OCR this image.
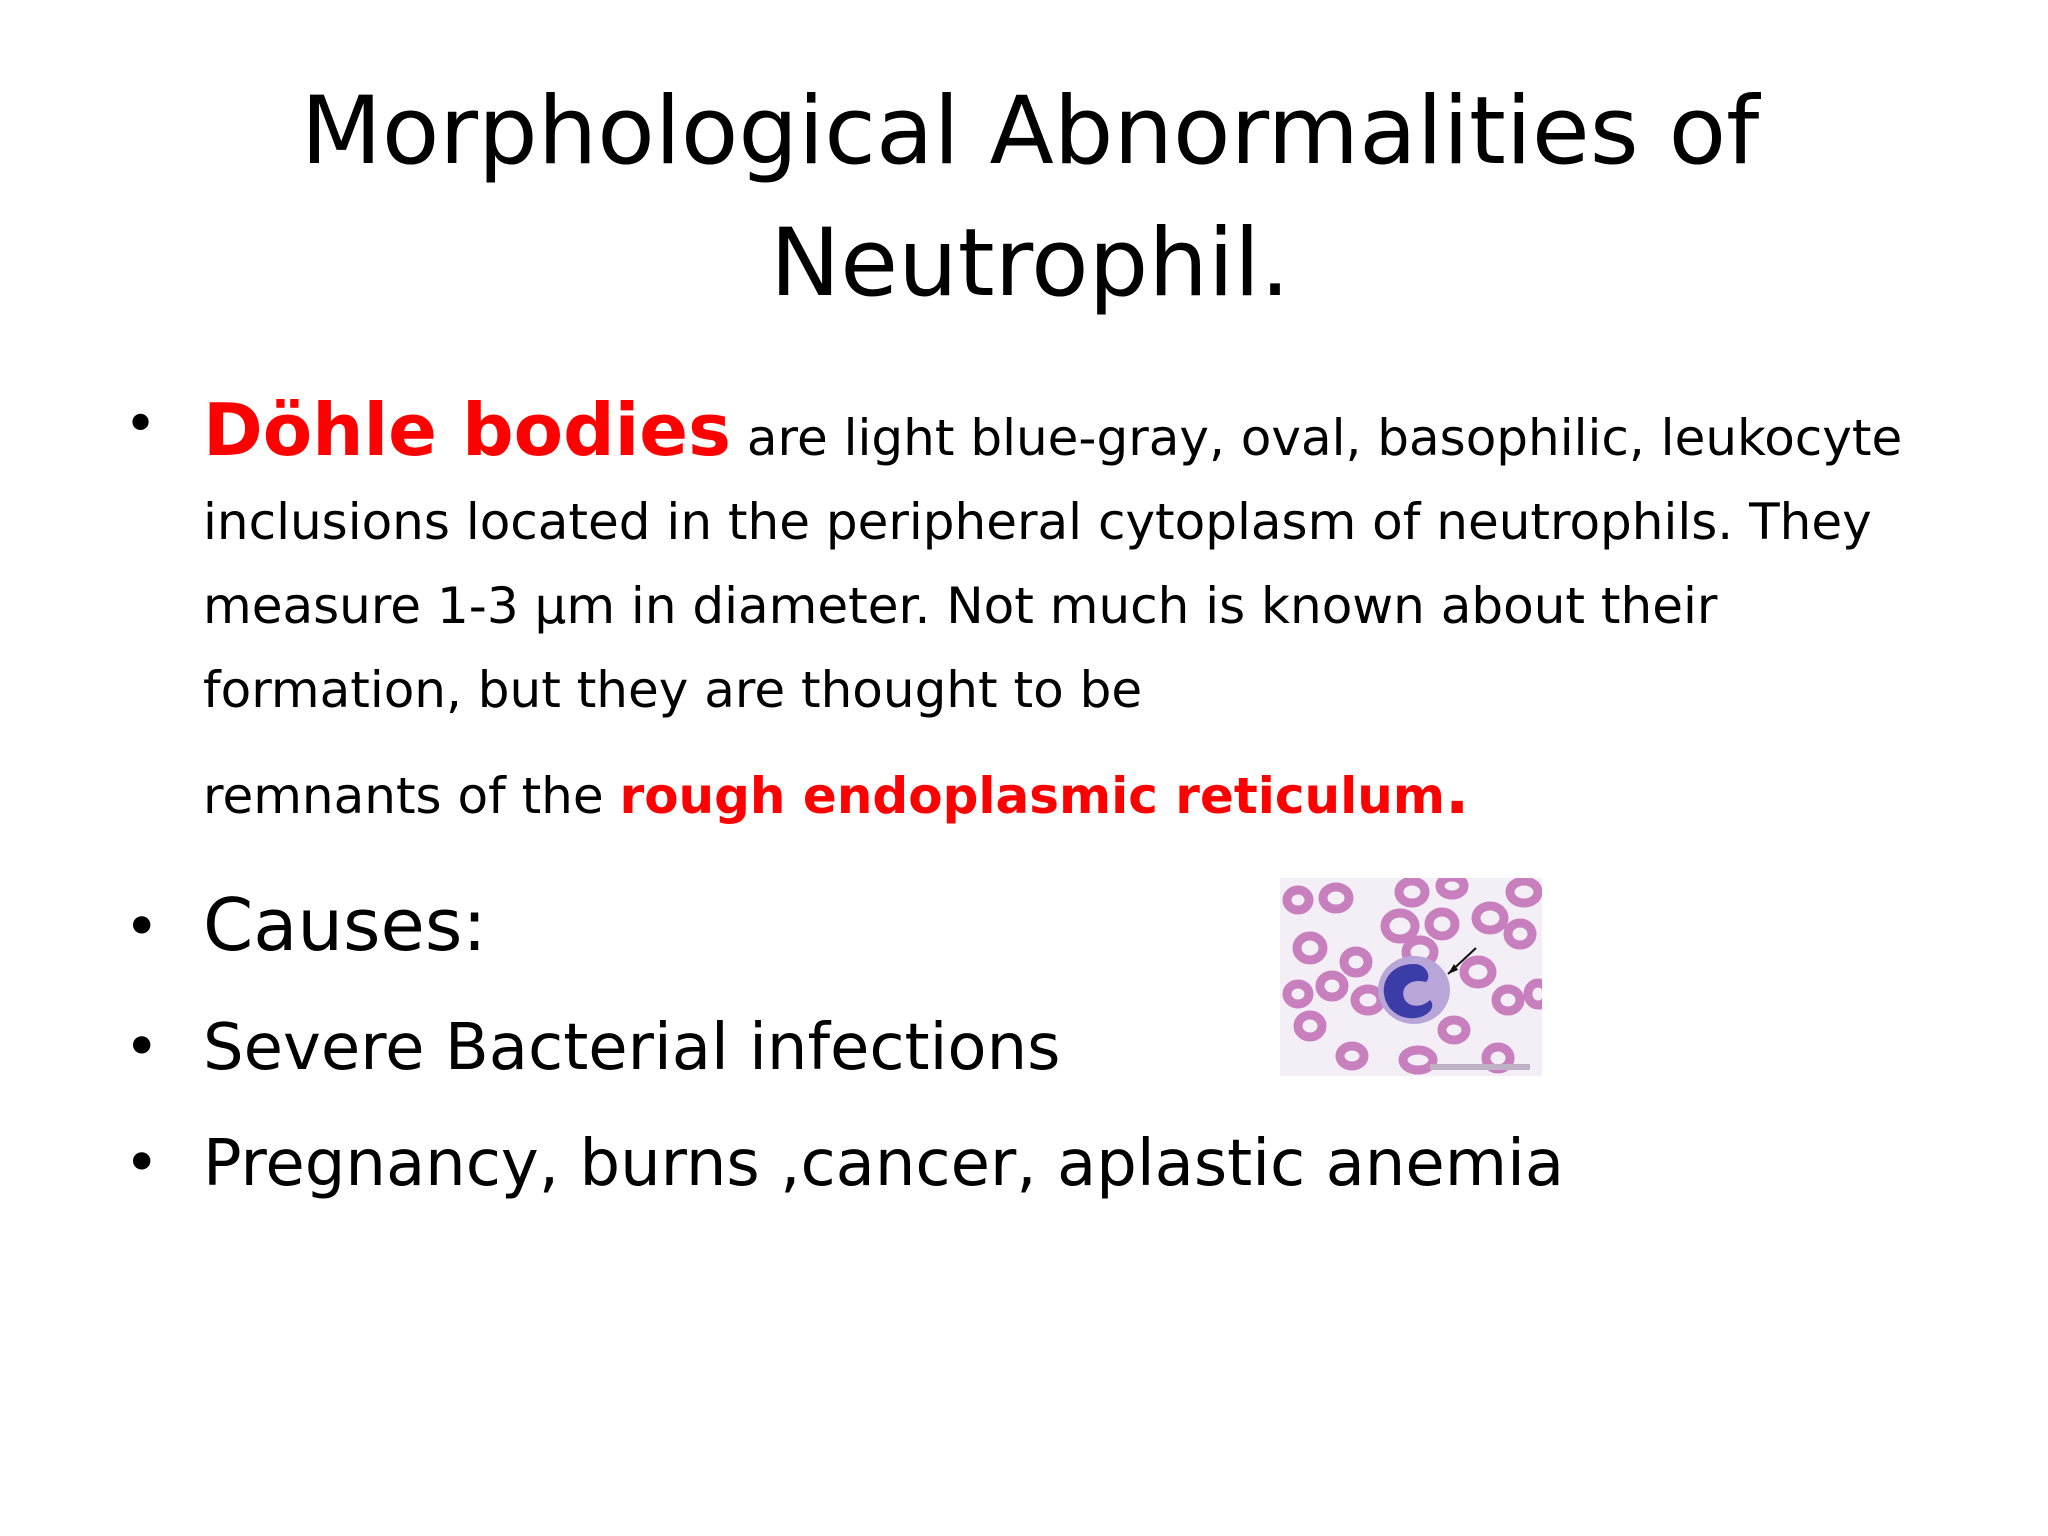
Morphological Abnormalities of
Neutrophil.
• Döhle bodies are light blue-gray, oval, basophilic, leukocyte inclusions located in the peripheral cytoplasm of neutrophils. They measure 1-3 µm in diameter. Not much is known about their formation, but they are thought to be
remnants of the rough endoplasmic reticulum.
• Causes:
• Severe Bacterial infections
• Pregnancy, burns ,cancer, aplastic anemia
